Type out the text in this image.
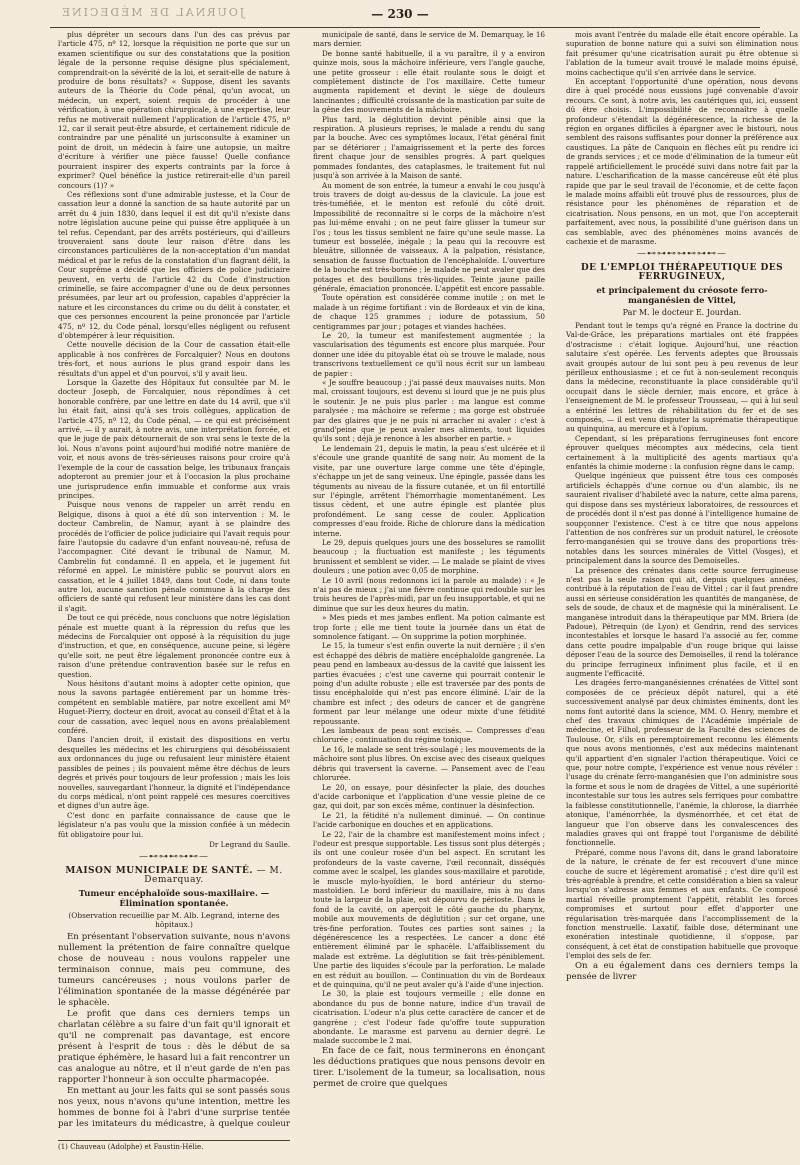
JOURNAL DE MÉDECINE	— 230 —

plus dépréter un secours dans l'un des cas prévus par l'article 475, nº 12, lorsque la réquisition ne porte que sur un examen scientifique ou sur des constatations que la position légale de la personne requise désigne plus spécialement, comprendrait-on la sévérité de la loi, et serait-elle de nature à produire de bons résultats? « Suppose, disent les savants auteurs de la Théorie du Code pénal, qu'un avocat, un médecin, un expert, soient requis de procéder à une vérification, à une opération chirurgicale, à une expertise, leur refus ne motiverait nullement l'application de l'article 475, nº 12, car il serait peut-être absurde, et certainement ridicule de contraindre par une pénalité un jurisconsulte à examiner un point de droit, un médecin à faire une autopsie, un maître d'écriture à vérifier une pièce fausse! Quelle confiance pourraient inspirer des experts contraints par la force à exprimer? Quel bénéfice la justice retirerait-elle d'un pareil concours (1)? »

Ces réflexions sont d'une admirable justesse, et la Cour de cassation leur a donné la sanction de sa haute autorité par un arrêt du 4 juin 1830, dans lequel il est dit qu'il n'existe dans notre législation aucune peine qui puisse être appliquée à un tel refus. Cependant, par des arrêts postérieurs, qui d'ailleurs trouveraient sans doute leur raison d'être dans les circonstances particulières de la non-acceptation d'un mandat médical et par le refus de la constatation d'un flagrant délit, la Cour suprême a décidé que les officiers de police judiciaire peuvent, en vertu de l'article 42 du Code d'instruction criminelle, se faire accompagner d'une ou de deux personnes présumées, par leur art ou profession, capables d'apprécier la nature et les circonstances du crime ou du délit à constater, et que ces personnes encourent la peine prononcée par l'article 475, nº 12, du Code pénal, lorsqu'elles négligent ou refusent d'obtempérer à leur réquisition.

Cette nouvelle décision de la Cour de cassation était-elle applicable à nos confrères de Forcalquier? Nous en doutons très-fort, et nous aurions le plus grand espoir dans les résultats d'un appel et d'un pourvoi, s'il y avait lieu.

Lorsque la Gazette des Hôpitaux fut consultée par M. le docteur Joseph, de Forcalquier, nous répondîmes à cet honorable confrère, par une lettre en date du 14 avril, que s'il lui était fait, ainsi qu'à ses trois collègues, application de l'article 475, nº 12, du Code pénal, — ce qui est précisément arrivé, — il y aurait, à notre avis, une interprétation forcée, et que le juge de paix détournerait de son vrai sens le texte de la loi. Nous n'avons point aujourd'hui modifié notre manière de voir, et nous avons de très-sérieuses raisons pour croire qu'à l'exemple de la cour de cassation belge, les tribunaux français adopteront au premier jour et à l'occasion la plus prochaine une jurisprudence enfin immuable et conforme aux vrais principes.

Puisque nous venons de rappeler un arrêt rendu en Belgique, disons à quoi a été dû son intervention : M. le docteur Cambrelin, de Namur, ayant à se plaindre des procédés de l'officier de police judiciaire qui l'avait requis pour faire l'autopsie du cadavre d'un enfant nouveau-né, refusa de l'accompagner. Cité devant le tribunal de Namur, M. Cambrelin fut condamné. Il en appela, et le jugement fut réformé en appel. Le ministère public se pourvut alors en cassation, et le 4 juillet 1849, dans tout Code, ni dans toute autre loi, aucune sanction pénale commune à la charge des officiers de santé qui refusent leur ministère dans les cas dont il s'agit.

De tout ce qui précède, nous concluons que notre législation pénale est muette quant à la répression du refus que les médecins de Forcalquier ont opposé à la réquisition du juge d'instruction, et que, en conséquence, aucune peine, si légère qu'elle soit, ne peut être légalement prononcée contre eux à raison d'une prétendue contravention basée sur le refus en question.

Nous hésitons d'autant moins à adopter cette opinion, que nous la savons partagée entièrement par un homme très-compétent en semblable matière, par notre excellent ami Mº Huguet-Pierry, docteur en droit, avocat au conseil d'État et à la cour de cassation, avec lequel nous en avons préalablement conféré.

Dans l'ancien droit, il existait des dispositions en vertu desquelles les médecins et les chirurgiens qui désobéissaient aux ordonnances du juge ou refusaient leur ministère étaient passibles de peines ; ils pouvaient même être déchus de leurs degrés et privés pour toujours de leur profession ; mais les lois nouvelles, sauvegardant l'honneur, la dignité et l'indépendance du corps médical, n'ont point rappelé ces mesures coercitives et dignes d'un autre âge.

C'est donc en parfaite connaissance de cause que le législateur n'a pas voulu que la mission confiée à un médecin fût obligatoire pour lui.

Dr Legrand du Saulle.
—⊷⊶⊷⊶⊷—
MAISON MUNICIPALE DE SANTÉ. — M. Demarquay.
Tumeur encéphaloïde sous-maxillaire. — Élimination spontanée.
(Observation recueillie par M. Alb. Legrand, interne des hôpitaux.)

En présentant l'observation suivante, nous n'avons nullement la prétention de faire connaître quelque chose de nouveau : nous voulons rappeler une terminaison connue, mais peu commune, des tumeurs cancéreuses ; nous voulons parler de l'élimination spontanée de la masse dégénérée par le sphacèle.

Le profit que dans ces derniers temps un charlatan célèbre a su faire d'un fait qu'il ignorait et qu'il ne comprenait pas davantage, est encore présent à l'esprit de tous : dès le début de sa pratique éphémère, le hasard lui a fait rencontrer un cas analogue au nôtre, et il n'eut garde de n'en pas rapporter l'honneur à son occulte pharmacopée.

En mettant au jour les faits qui se sont passés sous nos yeux, nous n'avons qu'une intention, mettre les hommes de bonne foi à l'abri d'une surprise tentée par les imitateurs du médicastre, à quelque couleur

(1) Chauveau (Adolphe) et Faustin-Hélie.

municipale de santé, dans le service de M. Demarquay, le 16 mars dernier.

De bonne santé habituelle, il a vu paraître, il y a environ quinze mois, sous la mâchoire inférieure, vers l'angle gauche, une petite grosseur : elle était roulante sous le doigt et complètement distincte de l'os maxillaire. Cette tumeur augmenta rapidement et devint le siège de douleurs lancinantes ; difficulté croissante de la mastication par suite de la gêne des mouvements de la mâchoire.

Plus tard, la déglutition devint pénible ainsi que la respiration. A plusieurs reprises, le malade a rendu du sang par la bouche. Avec ces symptômes locaux, l'état général finit par se détériorer ; l'amaigrissement et la perte des forces firent chaque jour de sensibles progrès. A part quelques pommades fondantes, des cataplasmes, le traitement fut nul jusqu'à son arrivée à la Maison de santé.

Au moment de son entrée, la tumeur a envahi le cou jusqu'à trois travers de doigt au-dessus de la clavicule. La joue est très-tuméfiée, et le menton est refoulé du côté droit. Impossibilité de reconnaître si le corps de la mâchoire n'est pas lui-même envahi ; on ne peut faire glisser la tumeur sur l'os ; tous les tissus semblent ne faire qu'une seule masse. La tumeur est bosselée, inégale ; la peau qui la recouvre est bleuâtre, sillonnée de vaisseaux. A la palpation, résistance, sensation de fausse fluctuation de l'encéphaloïde. L'ouverture de la bouche est très-bornée ; le malade ne peut avaler que des potages et des bouillons très-liquides. Teinte jaune paille générale, émaciation prononcée. L'appétit est encore passable.

Toute opération est considérée comme inutile ; on met le malade à un régime fortifiant : vin de Bordeaux et vin de kina, de chaque 125 grammes ; iodure de potassium, 50 centigrammes par jour ; potages et viandes hachées.

Le 20, la tumeur est manifestement augmentée ; la vascularisation des téguments est encore plus marquée. Pour donner une idée du pitoyable état où se trouve le malade, nous transcrivons textuellement ce qu'il nous écrit sur un lambeau de papier :

« Je souffre beaucoup ; j'ai passé deux mauvaises nuits. Mon mal, croissant toujours, est devenu si lourd que je ne puis plus le soutenir. Je ne puis plus parler : ma langue est comme paralysée ; ma mâchoire se referme ; ma gorge est obstruée par des glaires que je ne puis ni arracher ni avaler : c'est à grand'peine que je peux avaler mes aliments, tout liquides qu'ils sont ; déjà je renonce à les absorber en partie. »

Le lendemain 21, depuis le matin, la peau s'est ulcérée et il s'écoule une grande quantité de sang noir. Au moment de la visite, par une ouverture large comme une tête d'épingle, s'échappe un jet de sang veineux. Une épingle, passée dans les téguments au niveau de la fissure cutanée, et un fil entortillé sur l'épingle, arrêtent l'hémorrhagie momentanément. Les tissus cèdent, et une autre épingle est plantée plus profondément. Le sang cesse de couler. Application compresses d'eau froide. Riche de chlorure dans la médication interne.

Le 29, depuis quelques jours une des bosselures se ramollit beaucoup ; la fluctuation est manifeste ; les téguments brunissent et semblent se vider. — Le malade se plaint de vives douleurs ; une potion avec 0,05 de morphine.

Le 10 avril (nous redonnons ici la parole au malade) : « Je n'ai pas de mieux ; j'ai une fièvre continue qui redouble sur les trois heures de l'après-midi, par un feu insupportable, et qui ne diminue que sur les deux heures du matin.

» Mes pieds et mes jambes enflent. Ma potion calmante est trop forte ; elle me tient toute la journée dans un état de somnolence fatigant. — On supprime la potion morphinée.

Le 15, la tumeur s'est enfin ouverte la nuit dernière ; il s'en est échappé des débris de matière encéphaloïde gangrenée. La peau pend en lambeaux au-dessus de la cavité que laissent les parties évacuées ; c'est une caverne qui pourrait contenir le poing d'un adulte robuste ; elle est traversée par des ponts de tissu encéphaloïde qui n'est pas encore éliminé. L'air de la chambre est infect ; des odeurs de cancer et de gangrène forment par leur mélange une odeur mixte d'une fétidité repoussante.

Les lambeaux de peau sont excisés. — Compresses d'eau chlorurée ; continuation du régime tonique.

Le 16, le malade se sent très-soulagé ; les mouvements de la mâchoire sont plus libres. On excise avec des ciseaux quelques débris qui traversent la caverne. — Pansement avec de l'eau chlorurée.

Le 20, on essaye, pour désinfecter la plaie, des douches d'acide carbonique et l'application d'une vessie pleine de ce gaz, qui doit, par son excès même, continuer la désinfection.

Le 21, la fétidité n'a nullement diminué. — On continue l'acide carbonique en douches et en applications.

Le 22, l'air de la chambre est manifestement moins infect ; l'odeur est presque supportable. Les tissus sont plus détergés ; ils ont une couleur rosée d'un bel aspect. En scrutant les profondeurs de la vaste caverne, l'œil reconnaît, disséqués comme avec le scalpel, les glandes sous-maxillaire et parotide, le muscle mylo-hyoïdien, le bord antérieur du sterno-mastoïdien. Le bord inférieur du maxillaire, mis à nu dans toute la largeur de la plaie, est dépourvu de périoste. Dans le fond de la cavité, on aperçoit le côté gauche du pharynx, mobile aux mouvements de déglutition ; sur cet organe, une très-fine perforation. Toutes ces parties sont saines ; la dégénérescence les a respectées. Le cancer a donc été entièrement éliminé par le sphacèle. L'affaiblissement du malade est extrême. La déglutition se fait très-péniblement. Une partie des liquides s'écoule par la perforation. Le malade en est réduit au bouillon. — Continuation du vin de Bordeaux et de quinquina, qu'il ne peut avaler qu'à l'aide d'une injection.

Le 30, la plaie est toujours vermeille ; elle donne en abondance du pus de bonne nature, indice d'un travail de cicatrisation. L'odeur n'a plus cette caractère de cancer et de gangrène ; c'est l'odeur fade qu'offre toute suppuration abondante. Le marasme est parvenu au dernier degré. Le malade succombe le 2 mai.

En face de ce fait, nous terminerons en énonçant les déductions pratiques que nous pensons devoir en tirer. L'isolement de la tumeur, sa localisation, nous permet de croire que quelques

mois avant l'entrée du malade elle était encore opérable. La supuration de bonne nature qui a suivi son élimination nous fait présumer qu'une cicatrisation aurait pu être obtenue si l'ablation de la tumeur avait trouvé le malade moins épuisé, moins cachectique qu'il s'en arrivée dans le service.

En acceptant l'opportunité d'une opération, nous devons dire à quel procédé nous eussions jugé convenable d'avoir recours. Ce sont, à notre avis, les cautériques qui, ici, eussent dû être choisis. L'impossibilité de reconnaître à quelle profondeur s'étendait la dégénérescence, la richesse de la région en organes difficiles à épargner avec le bistouri, nous semblent des raisons suffisantes pour donner la préférence aux caustiques. La pâte de Canquoin en flèches eût pu rendre ici de grands services ; et ce mode d'élimination de la tumeur eût rappelé artificiellement le procédé suivi dans notre fait par la nature. L'escharification de la masse cancéreuse eût été plus rapide que par le seul travail de l'économie, et de cette façon le malade moins affaibli eût trouvé plus de ressources, plus de résistance pour les phénomènes de réparation et de cicatrisation. Nous pensons, en un mot, que l'on accepterait parfaitement, avec nous, la possibilité d'une guérison dans un cas semblable, avec des phénomènes moins avancés de cachexie et de marasme.

—⊷⊶⊷⊶⊷⊶⊷—
DE L'EMPLOI THÉRAPEUTIQUE DES FERRUGINEUX,
et principalement du créosote ferro-manganésien de Vittel,
Par M. le docteur E. Jourdan.

Pendant tout le temps qu'a régné en France la doctrine du Val-de-Grâce, les préparations martiales ont été frappées d'ostracisme : c'était logique. Aujourd'hui, une réaction salutaire s'est opérée. Les fervents adeptes que Broussais avait groupés autour de lui sont peu à peu revenus de leur périlleux enthousiasme ; et ce fut à non-seulement reconquis dans la médecine, reconstituante la place considérable qu'il occupait dans le siècle dernier, mais encore, et grâce à l'enseignement de M. le professeur Trousseau, — qui à lui seul a entériné les lettres de réhabilitation du fer et de ses composés, — il est venu disputer la suprématie thérapeutique au quinquina, au mercure et à l'opium.

Cependant, si les préparations ferrugineuses font encore éprouver quelques mécomptes aux médecins, cela tient certainement à la multiplicité des agents martiaux qu'a enfantés la chimie moderne : la confusion règne dans le camp.

Quelque ingénieux que puissent être tous ces composés artificiels échappés d'une cornue ou d'un alambic, ils ne sauraient rivaliser d'habileté avec la nature, cette alma parens, qui dispose dans ses mystérieux laboratoires, de ressources et de procédés dont il n'est pas donné à l'intelligence humaine de soupçonner l'existence. C'est à ce titre que nous appelons l'attention de nos confrères sur un produit naturel, le créosote ferro-manganésien qui se trouve dans des proportions très-notables dans les sources minérales de Vittel (Vosges), et principalement dans la source des Demoiselles.

La présence des crénates dans cette source ferrugineuse n'est pas la seule raison qui ait, depuis quelques années, contribué à la réputation de l'eau de Vittel ; car il faut prendre aussi en sérieuse considération les quantités de manganèse, de sels de soude, de chaux et de magnésie qui la minéralisent. Le manganèse introduit dans la thérapeutique par MM. Briera (de Padoue), Pétrequin (de Lyon) et Gendrin, rend des services incontestables et lorsque le hasard l'a associé au fer, comme dans cette poudre impalpable d'un rouge brique qui laisse déposer l'eau de la source des Demoiselles, il rend la tolérance du principe ferrugineux infiniment plus facile, et il en augmente l'efficacité.

Les dragées ferro-manganésiennes crénatées de Vittel sont composées de ce précieux dépôt naturel, qui a été successivement analysé par deux chimistes éminents, dont les noms font autorité dans la science, MM. O. Henry, membre et chef des travaux chimiques de l'Académie impériale de médecine, et Filhol, professeur de la Faculté des sciences de Toulouse. Or, s'ils en peremptoirement reconnu les éléments que nous avons mentionnés, c'est aux médecins maintenant qu'il appartient d'en signaler l'action thérapeutique. Voici ce que, pour notre compte, l'expérience est venue nous révéler : l'usage du crénate ferro-manganésien que l'on administre sous la forme et sous le nom de dragées de Vittel, a une supériorité incontestable sur tous les autres sels ferriques pour combattre la faiblesse constitutionnelle, l'anémie, la chlorose, la diarrhée atonique, l'aménorrhée, la dysménorrhée, et cet état de langueur que l'on observe dans les convalescences des maladies graves qui ont frappé tout l'organisme de débilité fonctionnelle.

Préparé, comme nous l'avons dit, dans le grand laboratoire de la nature, le crénate de fer est recouvert d'une mince couche de sucre et légèrement aromatisé ; c'est dire qu'il est très-agréable à prendre, et cette considération a bien sa valeur lorsqu'on s'adresse aux femmes et aux enfants. Ce composé martial réveille promptement l'appétit, rétablit les forces compromises et surtout pour effet d'apporter une régularisation très-marquée dans l'accomplissement de la fonction menstruelle. Laxatif, faible dose, déterminant une exonération intestinale quotidienne, il s'oppose, par conséquent, à cet état de constipation habituelle que provoque l'emploi des sels de fer.

On a eu également dans ces derniers temps la pensée de livrer
